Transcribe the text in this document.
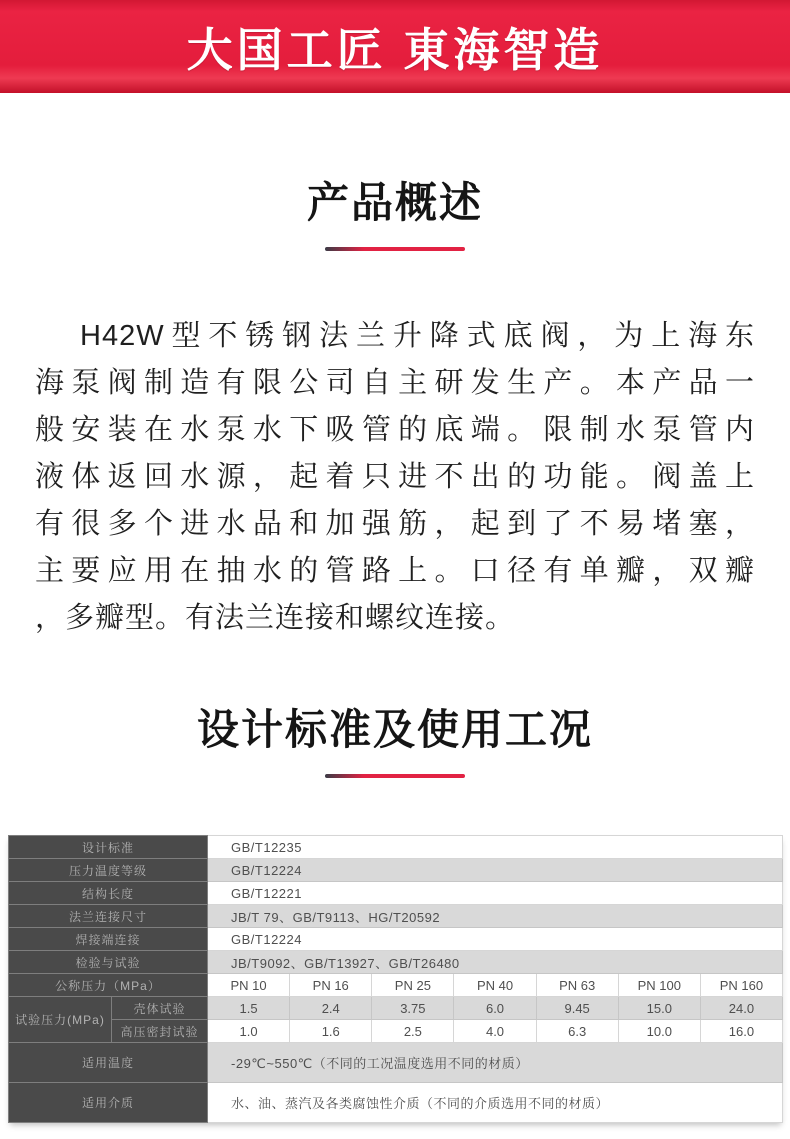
大国工匠 東海智造
产品概述
H42W型不锈钢法兰升降式底阀，为上海东
海泵阀制造有限公司自主研发生产。本产品一
般安装在水泵水下吸管的底端。限制水泵管内
液体返回水源，起着只进不出的功能。阀盖上
有很多个进水品和加强筋，起到了不易堵塞，
主要应用在抽水的管路上。口径有单瓣，双瓣
，多瓣型。有法兰连接和螺纹连接。
设计标准及使用工况
设计标准		GB/T12235						
压力温度等级		GB/T12224						
结构长度		GB/T12221						
法兰连接尺寸		JB/T 79、GB/T9113、HG/T20592						
焊接端连接		GB/T12224						
检验与试验		JB/T9092、GB/T13927、GB/T26480						
公称压力（MPa）		PN 10	PN 16	PN 25	PN 40	PN 63	PN 100	PN 160
试验压力(MPa)	壳体试验	1.5	2.4	3.75	6.0	9.45	15.0	24.0
	高压密封试验	1.0	1.6	2.5	4.0	6.3	10.0	16.0
适用温度		-29℃~550℃（不同的工况温度选用不同的材质）						
适用介质		水、油、蒸汽及各类腐蚀性介质（不同的介质选用不同的材质）						
